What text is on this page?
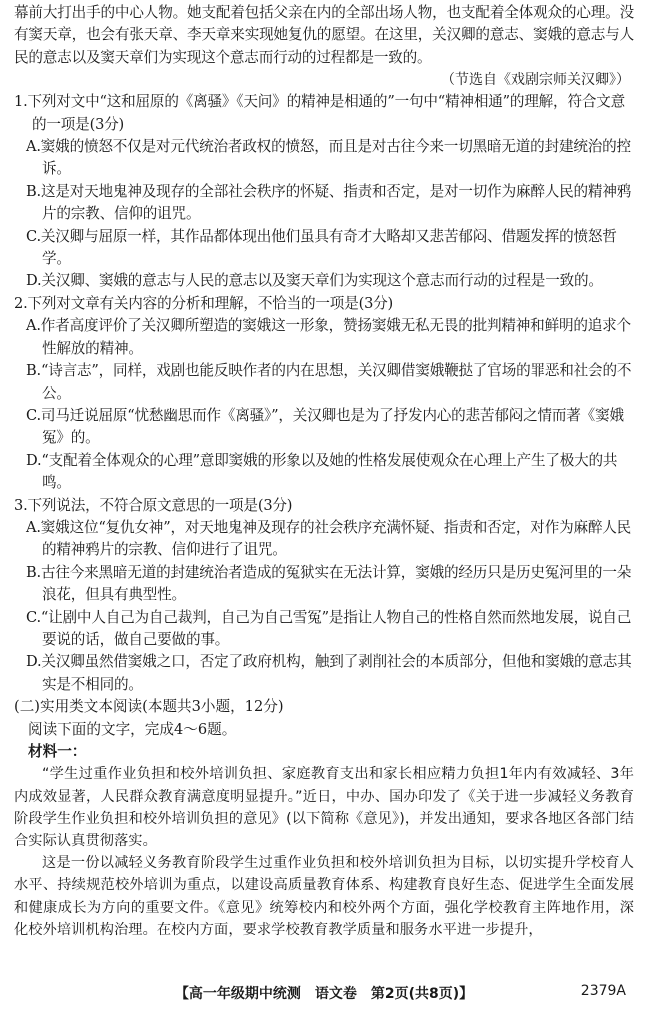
幕前大打出手的中心人物。她支配着包括父亲在内的全部出场人物，也支配着全体观众的心理。没有窦天章，也会有张天章、李天章来实现她复仇的愿望。在这里，关汉卿的意志、窦娥的意志与人民的意志以及窦天章们为实现这个意志而行动的过程都是一致的。

（节选自《戏剧宗师关汉卿》）

1.下列对文中“这和屈原的《离骚》《天问》的精神是相通的”一句中“精神相通”的理解，符合文意的一项是(3分)

A.窦娥的愤怒不仅是对元代统治者政权的愤怒，而且是对古往今来一切黑暗无道的封建统治的控诉。

B.这是对天地鬼神及现存的全部社会秩序的怀疑、指责和否定，是对一切作为麻醉人民的精神鸦片的宗教、信仰的诅咒。

C.关汉卿与屈原一样，其作品都体现出他们虽具有奇才大略却又悲苦郁闷、借题发挥的愤怒哲学。

D.关汉卿、窦娥的意志与人民的意志以及窦天章们为实现这个意志而行动的过程是一致的。

2.下列对文章有关内容的分析和理解，不恰当的一项是(3分)

A.作者高度评价了关汉卿所塑造的窦娥这一形象，赞扬窦娥无私无畏的批判精神和鲜明的追求个性解放的精神。

B.“诗言志”，同样，戏剧也能反映作者的内在思想，关汉卿借窦娥鞭挞了官场的罪恶和社会的不公。

C.司马迁说屈原“忧愁幽思而作《离骚》”，关汉卿也是为了抒发内心的悲苦郁闷之情而著《窦娥冤》的。

D.“支配着全体观众的心理”意即窦娥的形象以及她的性格发展使观众在心理上产生了极大的共鸣。

3.下列说法，不符合原文意思的一项是(3分)

A.窦娥这位“复仇女神”，对天地鬼神及现存的社会秩序充满怀疑、指责和否定，对作为麻醉人民的精神鸦片的宗教、信仰进行了诅咒。

B.古往今来黑暗无道的封建统治者造成的冤狱实在无法计算，窦娥的经历只是历史冤河里的一朵浪花，但具有典型性。

C.“让剧中人自己为自己裁判，自己为自己雪冤”是指让人物自己的性格自然而然地发展，说自己要说的话，做自己要做的事。

D.关汉卿虽然借窦娥之口，否定了政府机构，触到了剥削社会的本质部分，但他和窦娥的意志其实是不相同的。

(二)实用类文本阅读(本题共3小题，12分)

阅读下面的文字，完成4～6题。

材料一：

“学生过重作业负担和校外培训负担、家庭教育支出和家长相应精力负担1年内有效减轻、3年内成效显著，人民群众教育满意度明显提升。”近日，中办、国办印发了《关于进一步减轻义务教育阶段学生作业负担和校外培训负担的意见》(以下简称《意见》)，并发出通知，要求各地区各部门结合实际认真贯彻落实。

这是一份以减轻义务教育阶段学生过重作业负担和校外培训负担为目标，以切实提升学校育人水平、持续规范校外培训为重点，以建设高质量教育体系、构建教育良好生态、促进学生全面发展和健康成长为方向的重要文件。《意见》统筹校内和校外两个方面，强化学校教育主阵地作用，深化校外培训机构治理。在校内方面，要求学校教育教学质量和服务水平进一步提升，

【高一年级期中统测　语文卷　第2页(共8页)】	2379A
